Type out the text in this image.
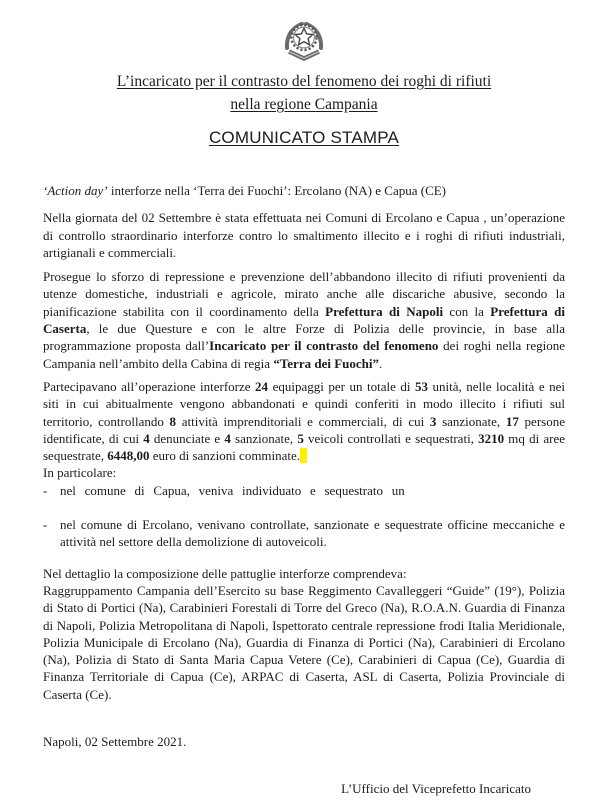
L’incaricato per il contrasto del fenomeno dei roghi di rifiuti
nella regione Campania
COMUNICATO STAMPA
‘Action day’ interforze nella ‘Terra dei Fuochi’: Ercolano (NA) e Capua (CE)
Nella giornata del 02 Settembre è stata effettuata nei Comuni di Ercolano e Capua , un’operazione di controllo straordinario interforze contro lo smaltimento illecito e i roghi di rifiuti industriali, artigianali e commerciali.
Prosegue lo sforzo di repressione e prevenzione dell’abbandono illecito di rifiuti provenienti da utenze domestiche, industriali e agricole, mirato anche alle discariche abusive, secondo la pianificazione stabilita con il coordinamento della Prefettura di Napoli con la Prefettura di Caserta, le due Questure e con le altre Forze di Polizia delle provincie, in base alla programmazione proposta dall’Incaricato per il contrasto del fenomeno dei roghi nella regione Campania nell’ambito della Cabina di regia “Terra dei Fuochi”.
Partecipavano all’operazione interforze 24 equipaggi per un totale di 53 unità, nelle località e nei siti in cui abitualmente vengono abbandonati e quindi conferiti in modo illecito i rifiuti sul territorio, controllando 8 attività imprenditoriali e commerciali, di cui 3 sanzionate, 17 persone identificate, di cui 4 denunciate e 4 sanzionate, 5 veicoli controllati e sequestrati, 3210 mq di aree sequestrate, 6448,00 euro di sanzioni comminate.
In particolare:
- nel comune di Capua, veniva individuato e sequestrato un
- nel comune di Ercolano, venivano controllate, sanzionate e sequestrate officine meccaniche e attività nel settore della demolizione di autoveicoli.
Nel dettaglio la composizione delle pattuglie interforze comprendeva:
Raggruppamento Campania dell’Esercito su base Reggimento Cavalleggeri “Guide” (19°), Polizia di Stato di Portici (Na), Carabinieri Forestali di Torre del Greco (Na), R.O.A.N. Guardia di Finanza di Napoli, Polizia Metropolitana di Napoli, Ispettorato centrale repressione frodi Italia Meridionale, Polizia Municipale di Ercolano (Na), Guardia di Finanza di Portici (Na), Carabinieri di Ercolano (Na), Polizia di Stato di Santa Maria Capua Vetere (Ce), Carabinieri di Capua (Ce), Guardia di Finanza Territoriale di Capua (Ce), ARPAC di Caserta, ASL di Caserta, Polizia Provinciale di Caserta (Ce).
Napoli, 02 Settembre 2021.
L’Ufficio del Viceprefetto Incaricato
